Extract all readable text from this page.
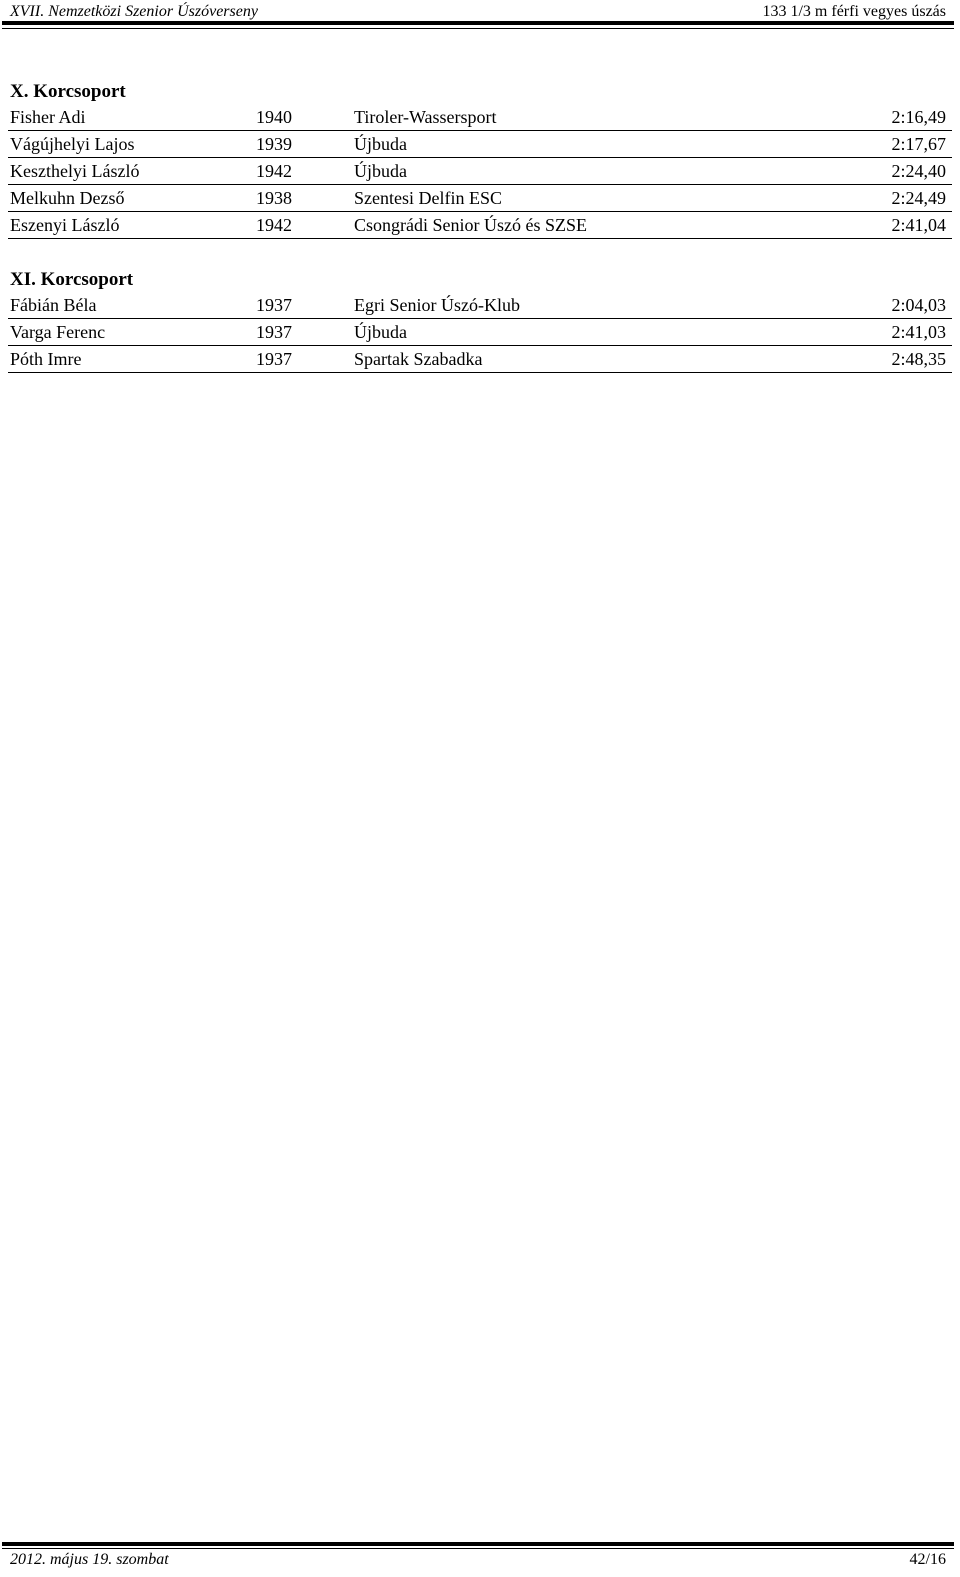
XVII. Nemzetközi Szenior Úszóverseny	133 1/3 m férfi vegyes úszás
X. Korcsoport
Fisher Adi	1940	Tiroler-Wassersport	2:16,49
Vágújhelyi Lajos	1939	Újbuda	2:17,67
Keszthelyi László	1942	Újbuda	2:24,40
Melkuhn Dezső	1938	Szentesi Delfin ESC	2:24,49
Eszenyi László	1942	Csongrádi Senior Úszó és SZSE	2:41,04
XI. Korcsoport
Fábián Béla	1937	Egri Senior Úszó-Klub	2:04,03
Varga Ferenc	1937	Újbuda	2:41,03
Póth Imre	1937	Spartak Szabadka	2:48,35
2012. május 19. szombat	42/16
